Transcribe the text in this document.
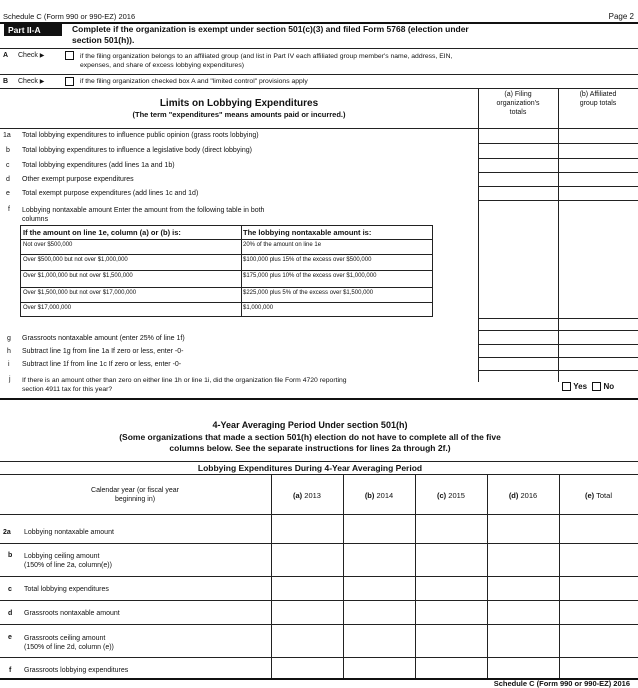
Schedule C (Form 990 or 990-EZ) 2016	Page 2
Part II-A	Complete if the organization is exempt under section 501(c)(3) and filed Form 5768 (election under
section 501(h)).
A Check ▶	if the filing organization belongs to an affiliated group (and list in Part IV each affiliated group member's name, address, EIN,
expenses, and share of excess lobbying expenditures)
B Check ▶	if the filing organization checked box A and "limited control" provisions apply
Limits on Lobbying Expenditures
(The term "expenditures" means amounts paid or incurred.)
(a) Filing
organization's
totals
(b) Affiliated
group totals
1a Total lobbying expenditures to influence public opinion (grass roots lobbying)
b Total lobbying expenditures to influence a legislative body (direct lobbying)
c Total lobbying expenditures (add lines 1a and 1b)
d Other exempt purpose expenditures
e Total exempt purpose expenditures (add lines 1c and 1d)
f Lobbying nontaxable amount Enter the amount from the following table in both
columns
If the amount on line 1e, column (a) or (b) is:	The lobbying nontaxable amount is:
Not over $500,000	20% of the amount on line 1e
Over $500,000 but not over $1,000,000	$100,000 plus 15% of the excess over $500,000
Over $1,000,000 but not over $1,500,000	$175,000 plus 10% of the excess over $1,000,000
Over $1,500,000 but not over $17,000,000	$225,000 plus 5% of the excess over $1,500,000
Over $17,000,000	$1,000,000
g Grassroots nontaxable amount (enter 25% of line 1f)
h Subtract line 1g from line 1a If zero or less, enter -0-
i Subtract line 1f from line 1c If zero or less, enter -0-
j If there is an amount other than zero on either line 1h or line 1i, did the organization file Form 4720 reporting
section 4911 tax for this year?	Yes No
4-Year Averaging Period Under section 501(h)
(Some organizations that made a section 501(h) election do not have to complete all of the five
columns below. See the separate instructions for lines 2a through 2f.)
Lobbying Expenditures During 4-Year Averaging Period
Calendar year (or fiscal year
beginning in)	(a) 2013	(b) 2014	(c) 2015	(d) 2016	(e) Total
2a Lobbying nontaxable amount
b Lobbying ceiling amount
(150% of line 2a, column(e))
c Total lobbying expenditures
d Grassroots nontaxable amount
e Grassroots ceiling amount
(150% of line 2d, column (e))
f Grassroots lobbying expenditures
Schedule C (Form 990 or 990-EZ) 2016
